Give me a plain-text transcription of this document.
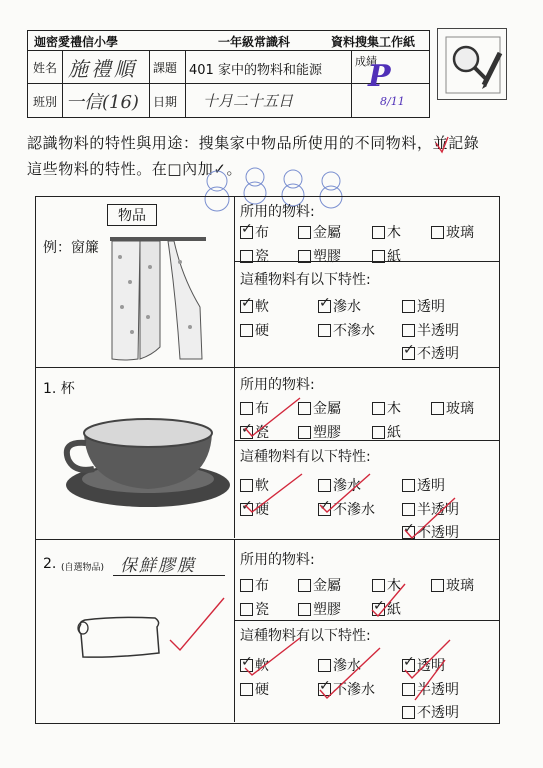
迦密愛禮信小學	一年級常識科	資料搜集工作紙
姓名 施禮順 課題 401 家中的物料和能源
成績
班別 一信(16) 日期 十月二十五日
P
8/11
認識物料的特性與用途：搜集家中物品所使用的不同物料，並記錄
這些物料的特性。在□內加✓。
物品
例：窗簾
所用的物料:
這種物料有以下特性:
1. 杯	所用的物料:
這種物料有以下特性:
2. (自選物品) 保鮮膠膜	所用的物料:
這種物料有以下特性:
✓
布	金屬	木	玻璃
瓷	塑膠	紙
✓
軟 ✓	滲水	透明
硬	不滲水	半透明
✓
不透明
布	金屬	木	玻璃
✓
瓷	塑膠	紙
軟	滲水	透明
✓
硬 ✓	不滲水	半透明
✓
不透明
布	金屬	木	玻璃
瓷	塑膠 ✓	紙
✓
軟	滲水 ✓	透明
硬 ✓	不滲水	半透明
不透明
